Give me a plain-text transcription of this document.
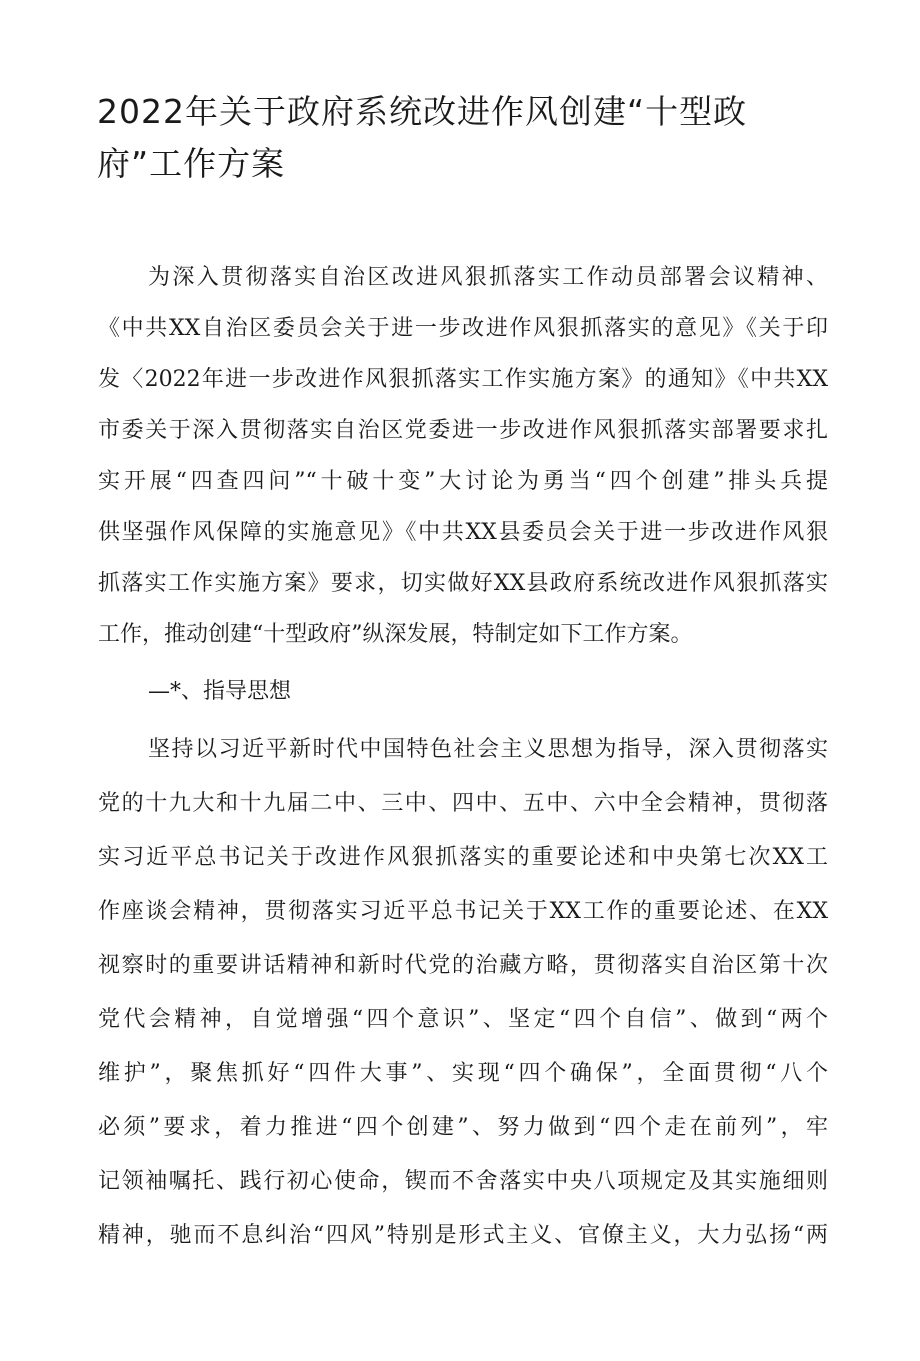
2022年关于政府系统改进作风创建“十型政府”工作方案

为深入贯彻落实自治区改进风狠抓落实工作动员部署会议精神、

《中共XX自治区委员会关于进一步改进作风狠抓落实的意见》《关于印

发〈2022年进一步改进作风狠抓落实工作实施方案》的通知》《中共XX

市委关于深入贯彻落实自治区党委进一步改进作风狠抓落实部署要求扎

实开展“四查四问”“十破十变”大讨论为勇当“四个创建”排头兵提

供坚强作风保障的实施意见》《中共XX县委员会关于进一步改进作风狠

抓落实工作实施方案》要求，切实做好XX县政府系统改进作风狠抓落实

工作，推动创建“十型政府”纵深发展，特制定如下工作方案。

—*、指导思想

坚持以习近平新时代中国特色社会主义思想为指导，深入贯彻落实

党的十九大和十九届二中、三中、四中、五中、六中全会精神，贯彻落

实习近平总书记关于改进作风狠抓落实的重要论述和中央第七次XX工

作座谈会精神，贯彻落实习近平总书记关于XX工作的重要论述、在XX

视察时的重要讲话精神和新时代党的治藏方略，贯彻落实自治区第十次

党代会精神，自觉增强“四个意识”、坚定“四个自信”、做到“两个

维护”，聚焦抓好“四件大事”、实现“四个确保”，全面贯彻“八个

必须”要求，着力推进“四个创建”、努力做到“四个走在前列”，牢

记领袖嘱托、践行初心使命，锲而不舍落实中央八项规定及其实施细则

精神，驰而不息纠治“四风”特别是形式主义、官僚主义，大力弘扬“两
